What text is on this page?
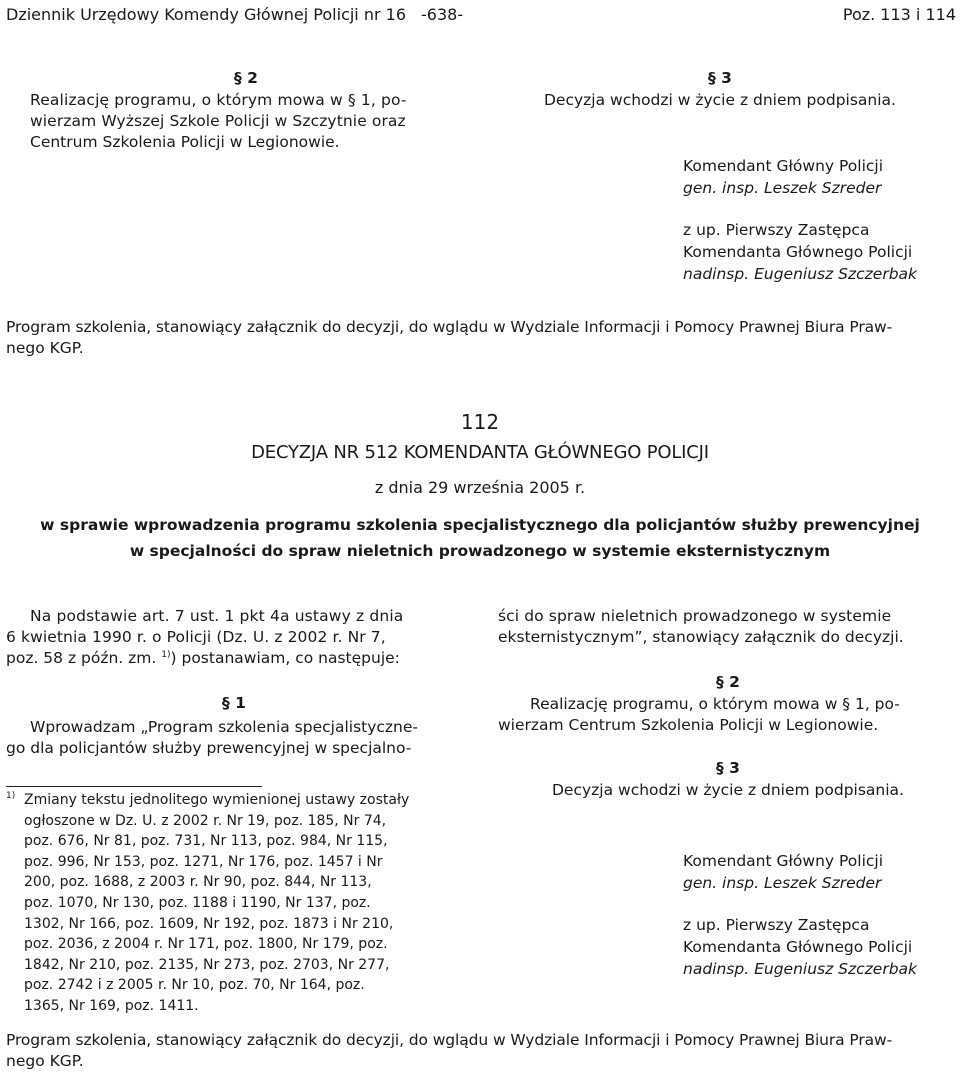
Dziennik Urzędowy Komendy Głównej Policji nr 16 -638-	Poz. 113 i 114
§ 2
Realizację programu, o którym mowa w § 1, po-
wierzam Wyższej Szkole Policji w Szczytnie oraz
Centrum Szkolenia Policji w Legionowie.
§ 3
Decyzja wchodzi w życie z dniem podpisania.
Komendant Główny Policji
gen. insp. Leszek Szreder
z up. Pierwszy Zastępca
Komendanta Głównego Policji
nadinsp. Eugeniusz Szczerbak
Program szkolenia, stanowiący załącznik do decyzji, do wglądu w Wydziale Informacji i Pomocy Prawnej Biura Praw-
nego KGP.
112
DECYZJA NR 512 KOMENDANTA GŁÓWNEGO POLICJI
z dnia 29 września 2005 r.
w sprawie wprowadzenia programu szkolenia specjalistycznego dla policjantów służby prewencyjnej
w specjalności do spraw nieletnich prowadzonego w systemie eksternistycznym
Na podstawie art. 7 ust. 1 pkt 4a ustawy z dnia
6 kwietnia 1990 r. o Policji (Dz. U. z 2002 r. Nr 7,
poz. 58 z późn. zm. $^{1)}$) postanawiam, co następuje:
§ 1
Wprowadzam „Program szkolenia specjalistyczne-
go dla policjantów służby prewencyjnej w specjalno-
1) Zmiany tekstu jednolitego wymienionej ustawy zostały
ogłoszone w Dz. U. z 2002 r. Nr 19, poz. 185, Nr 74,
poz. 676, Nr 81, poz. 731, Nr 113, poz. 984, Nr 115,
poz. 996, Nr 153, poz. 1271, Nr 176, poz. 1457 i Nr
200, poz. 1688, z 2003 r. Nr 90, poz. 844, Nr 113,
poz. 1070, Nr 130, poz. 1188 i 1190, Nr 137, poz.
1302, Nr 166, poz. 1609, Nr 192, poz. 1873 i Nr 210,
poz. 2036, z 2004 r. Nr 171, poz. 1800, Nr 179, poz.
1842, Nr 210, poz. 2135, Nr 273, poz. 2703, Nr 277,
poz. 2742 i z 2005 r. Nr 10, poz. 70, Nr 164, poz.
1365, Nr 169, poz. 1411.
ści do spraw nieletnich prowadzonego w systemie
eksternistycznym”, stanowiący załącznik do decyzji.
§ 2
Realizację programu, o którym mowa w § 1, po-
wierzam Centrum Szkolenia Policji w Legionowie.
§ 3
Decyzja wchodzi w życie z dniem podpisania.
Komendant Główny Policji
gen. insp. Leszek Szreder
z up. Pierwszy Zastępca
Komendanta Głównego Policji
nadinsp. Eugeniusz Szczerbak
Program szkolenia, stanowiący załącznik do decyzji, do wglądu w Wydziale Informacji i Pomocy Prawnej Biura Praw-
nego KGP.
